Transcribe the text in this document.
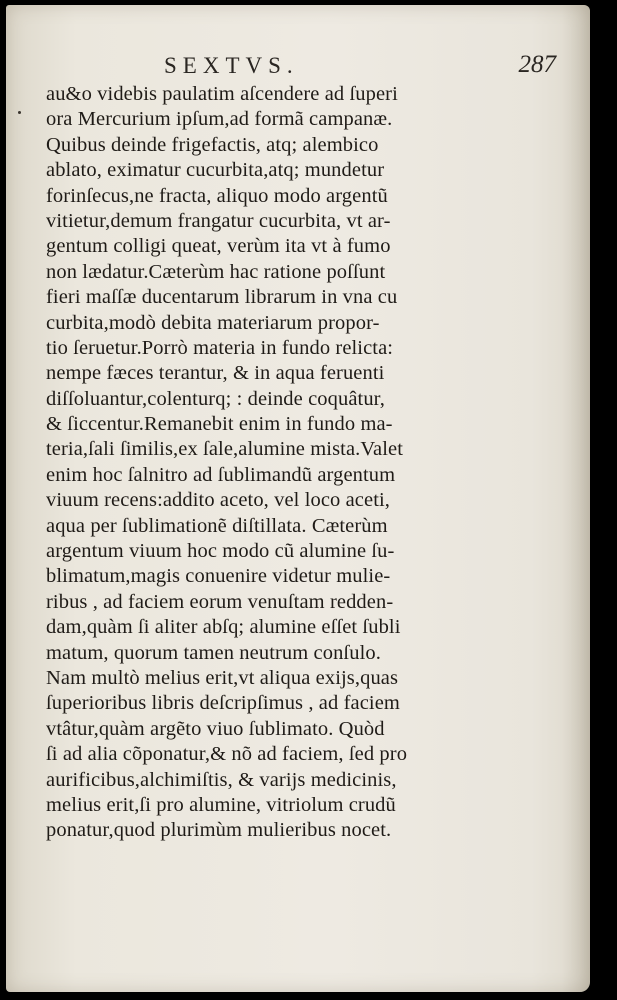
SEXTVS.	287
au&o videbis paulatim aſcendere ad ſuperi
ora Mercurium ipſum,ad formã campanæ.
Quibus deinde frigefactis, atq; alembico
ablato, eximatur cucurbita,atq; mundetur
forinſecus,ne fracta, aliquo modo argentũ
vitietur,demum frangatur cucurbita, vt ar-
gentum colligi queat, verùm ita vt à fumo
non lædatur.Cæterùm hac ratione poſſunt
fieri maſſæ ducentarum librarum in vna cu
curbita,modò debita materiarum propor-
tio ſeruetur.Porrò materia in fundo relicta:
nempe fæces terantur, & in aqua feruenti
diſſoluantur,colenturq; : deinde coquâtur,
& ſiccentur.Remanebit enim in fundo ma-
teria,ſali ſimilis,ex ſale,alumine mista.Valet
enim hoc ſalnitro ad ſublimandũ argentum
viuum recens:addito aceto, vel loco aceti,
aqua per ſublimationẽ diſtillata. Cæterùm
argentum viuum hoc modo cũ alumine ſu-
blimatum,magis conuenire videtur mulie-
ribus , ad faciem eorum venuſtam redden-
dam,quàm ſi aliter abſq; alumine eſſet ſubli
matum, quorum tamen neutrum conſulo.
Nam multò melius erit,vt aliqua exijs,quas
ſuperioribus libris deſcripſimus , ad faciem
vtâtur,quàm argẽto viuo ſublimato. Quòd
ſi ad alia cõponatur,& nõ ad faciem, ſed pro
aurificibus,alchimiſtis, & varijs medicinis,
melius erit,ſi pro alumine, vitriolum crudũ
ponatur,quod plurimùm mulieribus nocet.
